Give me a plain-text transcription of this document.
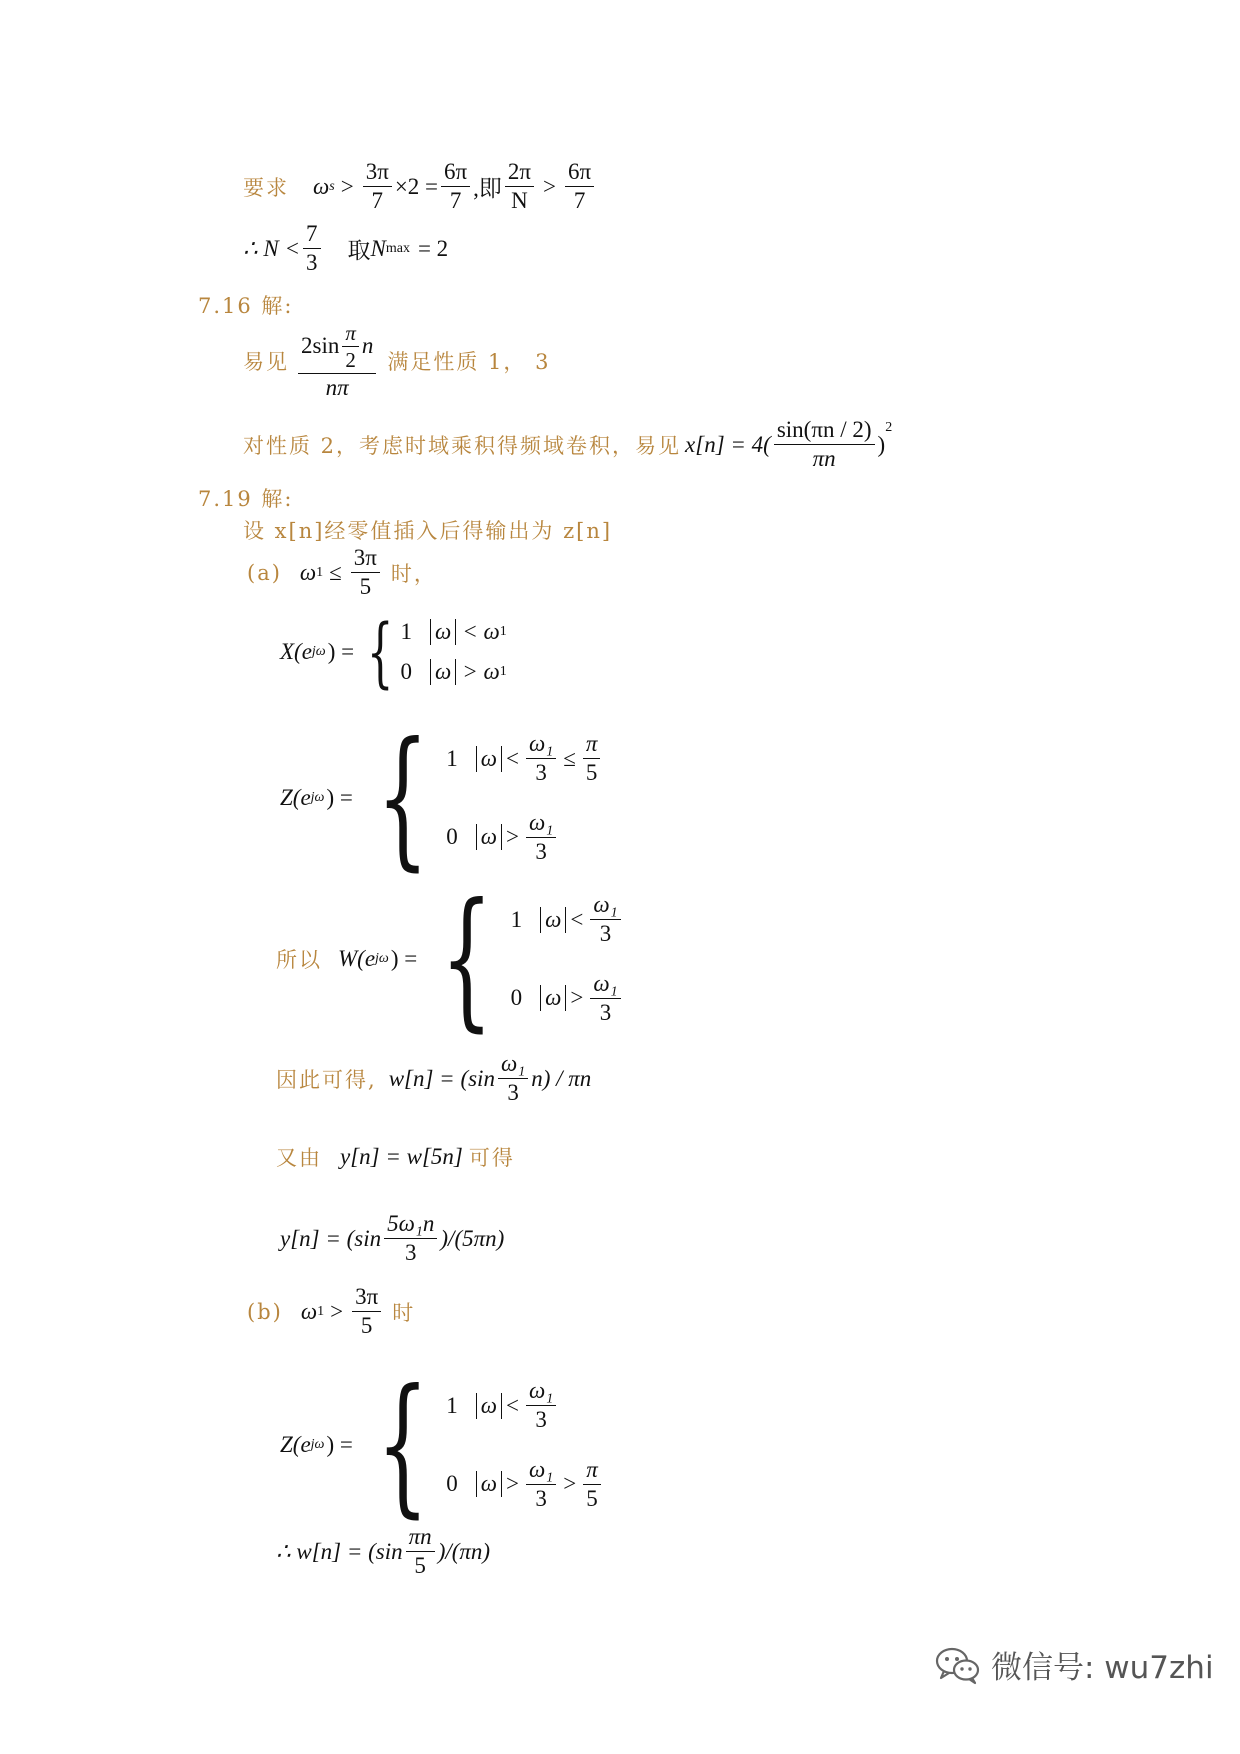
要求 ω $s > \frac{3\pi}{7} \times 2 = \frac{6\pi}{7}$ ,即 $\frac{2\pi}{N} > \frac{6\pi}{7}$
∴ $N < \frac{7}{3}$ 取 N max = 2
7.16 解:
易见 $\frac{2\sin \frac{\pi}{2} n}{n\pi}$ 满足性质 1， 3
对性质 2，考虑时域乘积得频域卷积，易见 $x[n] = 4( \frac{\sin(\pi n / 2)}{\pi n}$ )
2
7.19 解:
设 x[n]经零值插入后得输出为 z[n]
(a) ω $1 \le \frac{3\pi}{5}$ 时，
X(e jω ) = { 1 ω < ω 1
0 ω > ω 1
Z(e jω ) = { 1 $\omega < \frac{\text{ω₁}}{3} \le \frac{\pi}{5}$
0 $\omega > \frac{\text{ω₁}}{3}$
所以 W(e jω ) = { 1 $\omega < \frac{\text{ω₁}}{3}$
0 $\omega > \frac{\text{ω₁}}{3}$
因此可得, $w[n] = (\sin \frac{\text{ω₁}}{3} n) / \pi n$
又由 y[n] = w[5n] 可得
$y[n] = (\sin \frac{\text{5ω₁n}}{3} )/(5\pi n)$
(b) ω $1 > \frac{3\pi}{5}$ 时
Z(e jω ) = { 1 $\omega < \frac{\text{ω₁}}{3}$
0 $\omega > \frac{\text{ω₁}}{3} > \frac{\pi}{5}$
∴ $w[n] = (\sin \frac{\pi n}{5} )/(\pi n)$
微信号: wu7zhi
